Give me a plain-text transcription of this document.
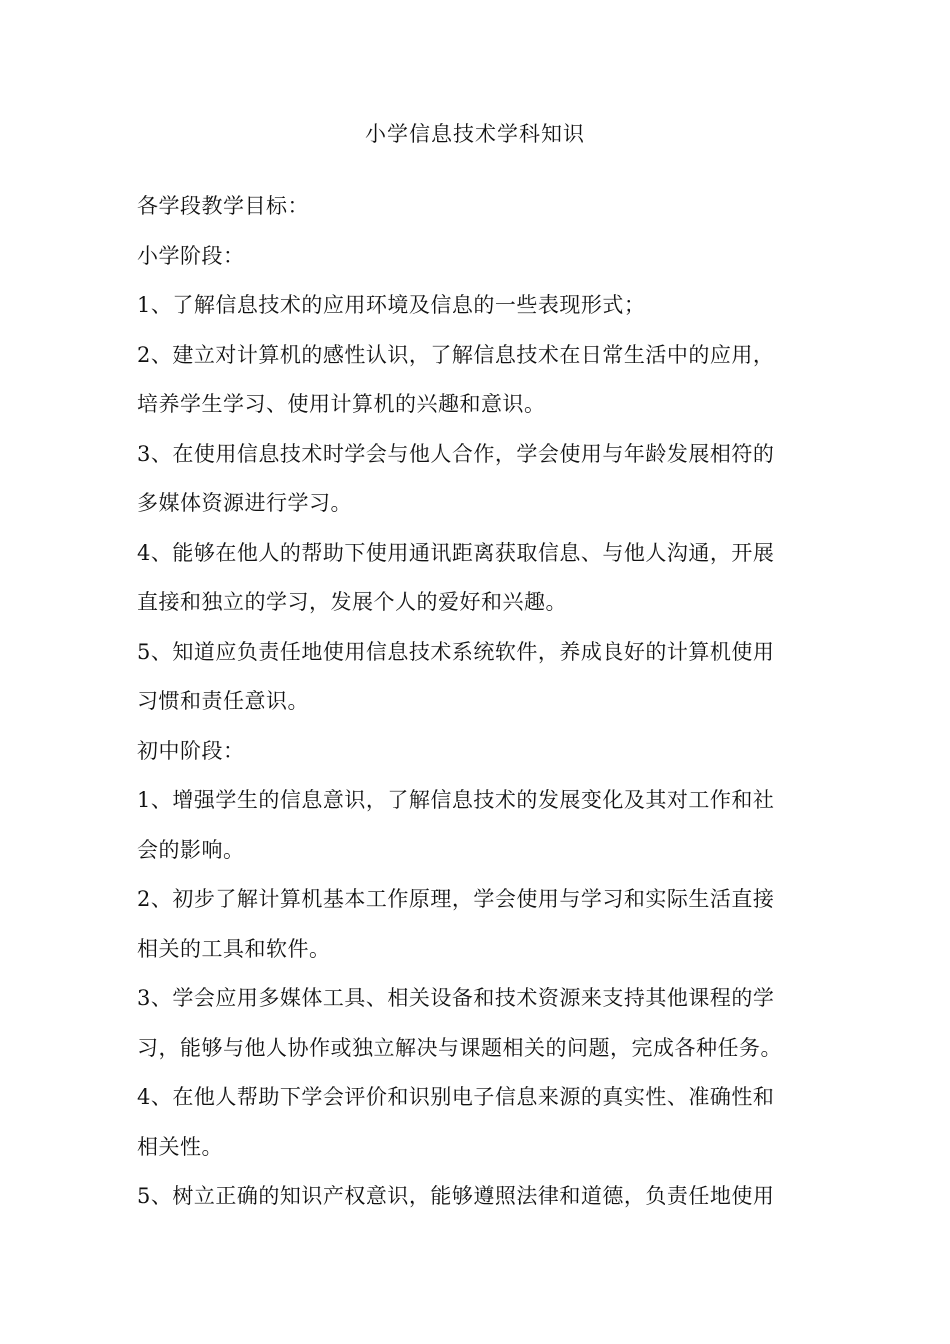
小学信息技术学科知识
各学段教学目标：
小学阶段：
1、了解信息技术的应用环境及信息的一些表现形式；
2、建立对计算机的感性认识，了解信息技术在日常生活中的应用，
培养学生学习、使用计算机的兴趣和意识。
3、在使用信息技术时学会与他人合作，学会使用与年龄发展相符的
多媒体资源进行学习。
4、能够在他人的帮助下使用通讯距离获取信息、与他人沟通，开展
直接和独立的学习，发展个人的爱好和兴趣。
5、知道应负责任地使用信息技术系统软件，养成良好的计算机使用
习惯和责任意识。
初中阶段：
1、增强学生的信息意识，了解信息技术的发展变化及其对工作和社
会的影响。
2、初步了解计算机基本工作原理，学会使用与学习和实际生活直接
相关的工具和软件。
3、学会应用多媒体工具、相关设备和技术资源来支持其他课程的学
习，能够与他人协作或独立解决与课题相关的问题，完成各种任务。
4、在他人帮助下学会评价和识别电子信息来源的真实性、准确性和
相关性。
5、树立正确的知识产权意识，能够遵照法律和道德，负责任地使用
